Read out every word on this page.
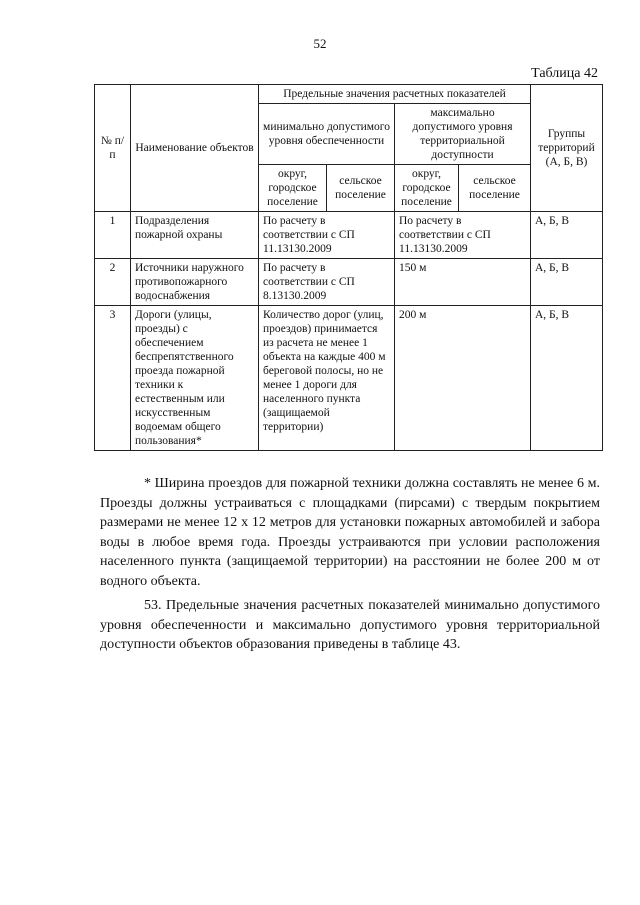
52
Таблица 42
№ п/п	Наименование объектов	Предельные значения расчетных показателей				Группы территорий (А, Б, В)
		минимально допустимого уровня обеспеченности		максимально допустимого уровня территориальной доступности		
		округ, городское поселение	сельское поселение	округ, городское поселение	сельское поселение	
1	Подразделения пожарной охраны	По расчету в соответствии с СП 11.13130.2009		По расчету в соответствии с СП 11.13130.2009		А, Б, В
2	Источники наружного противопожарного водоснабжения	По расчету в соответствии с СП 8.13130.2009		150 м		А, Б, В
3	Дороги (улицы, проезды) с обеспечением беспрепятственного проезда пожарной техники к естественным или искусственным водоемам общего пользования*	Количество дорог (улиц, проездов) принимается из расчета не менее 1 объекта на каждые 400 м береговой полосы, но не менее 1 дороги для населенного пункта (защищаемой территории)		200 м		А, Б, В

* Ширина проездов для пожарной техники должна составлять не менее 6 м. Проезды должны устраиваться с площадками (пирсами) с твердым покрытием размерами не менее 12 x 12 метров для установки пожарных автомобилей и забора воды в любое время года. Проезды устраиваются при условии расположения населенного пункта (защищаемой территории) на расстоянии не более 200 м от водного объекта.

53. Предельные значения расчетных показателей минимально допустимого уровня обеспеченности и максимально допустимого уровня территориальной доступности объектов образования приведены в таблице 43.
